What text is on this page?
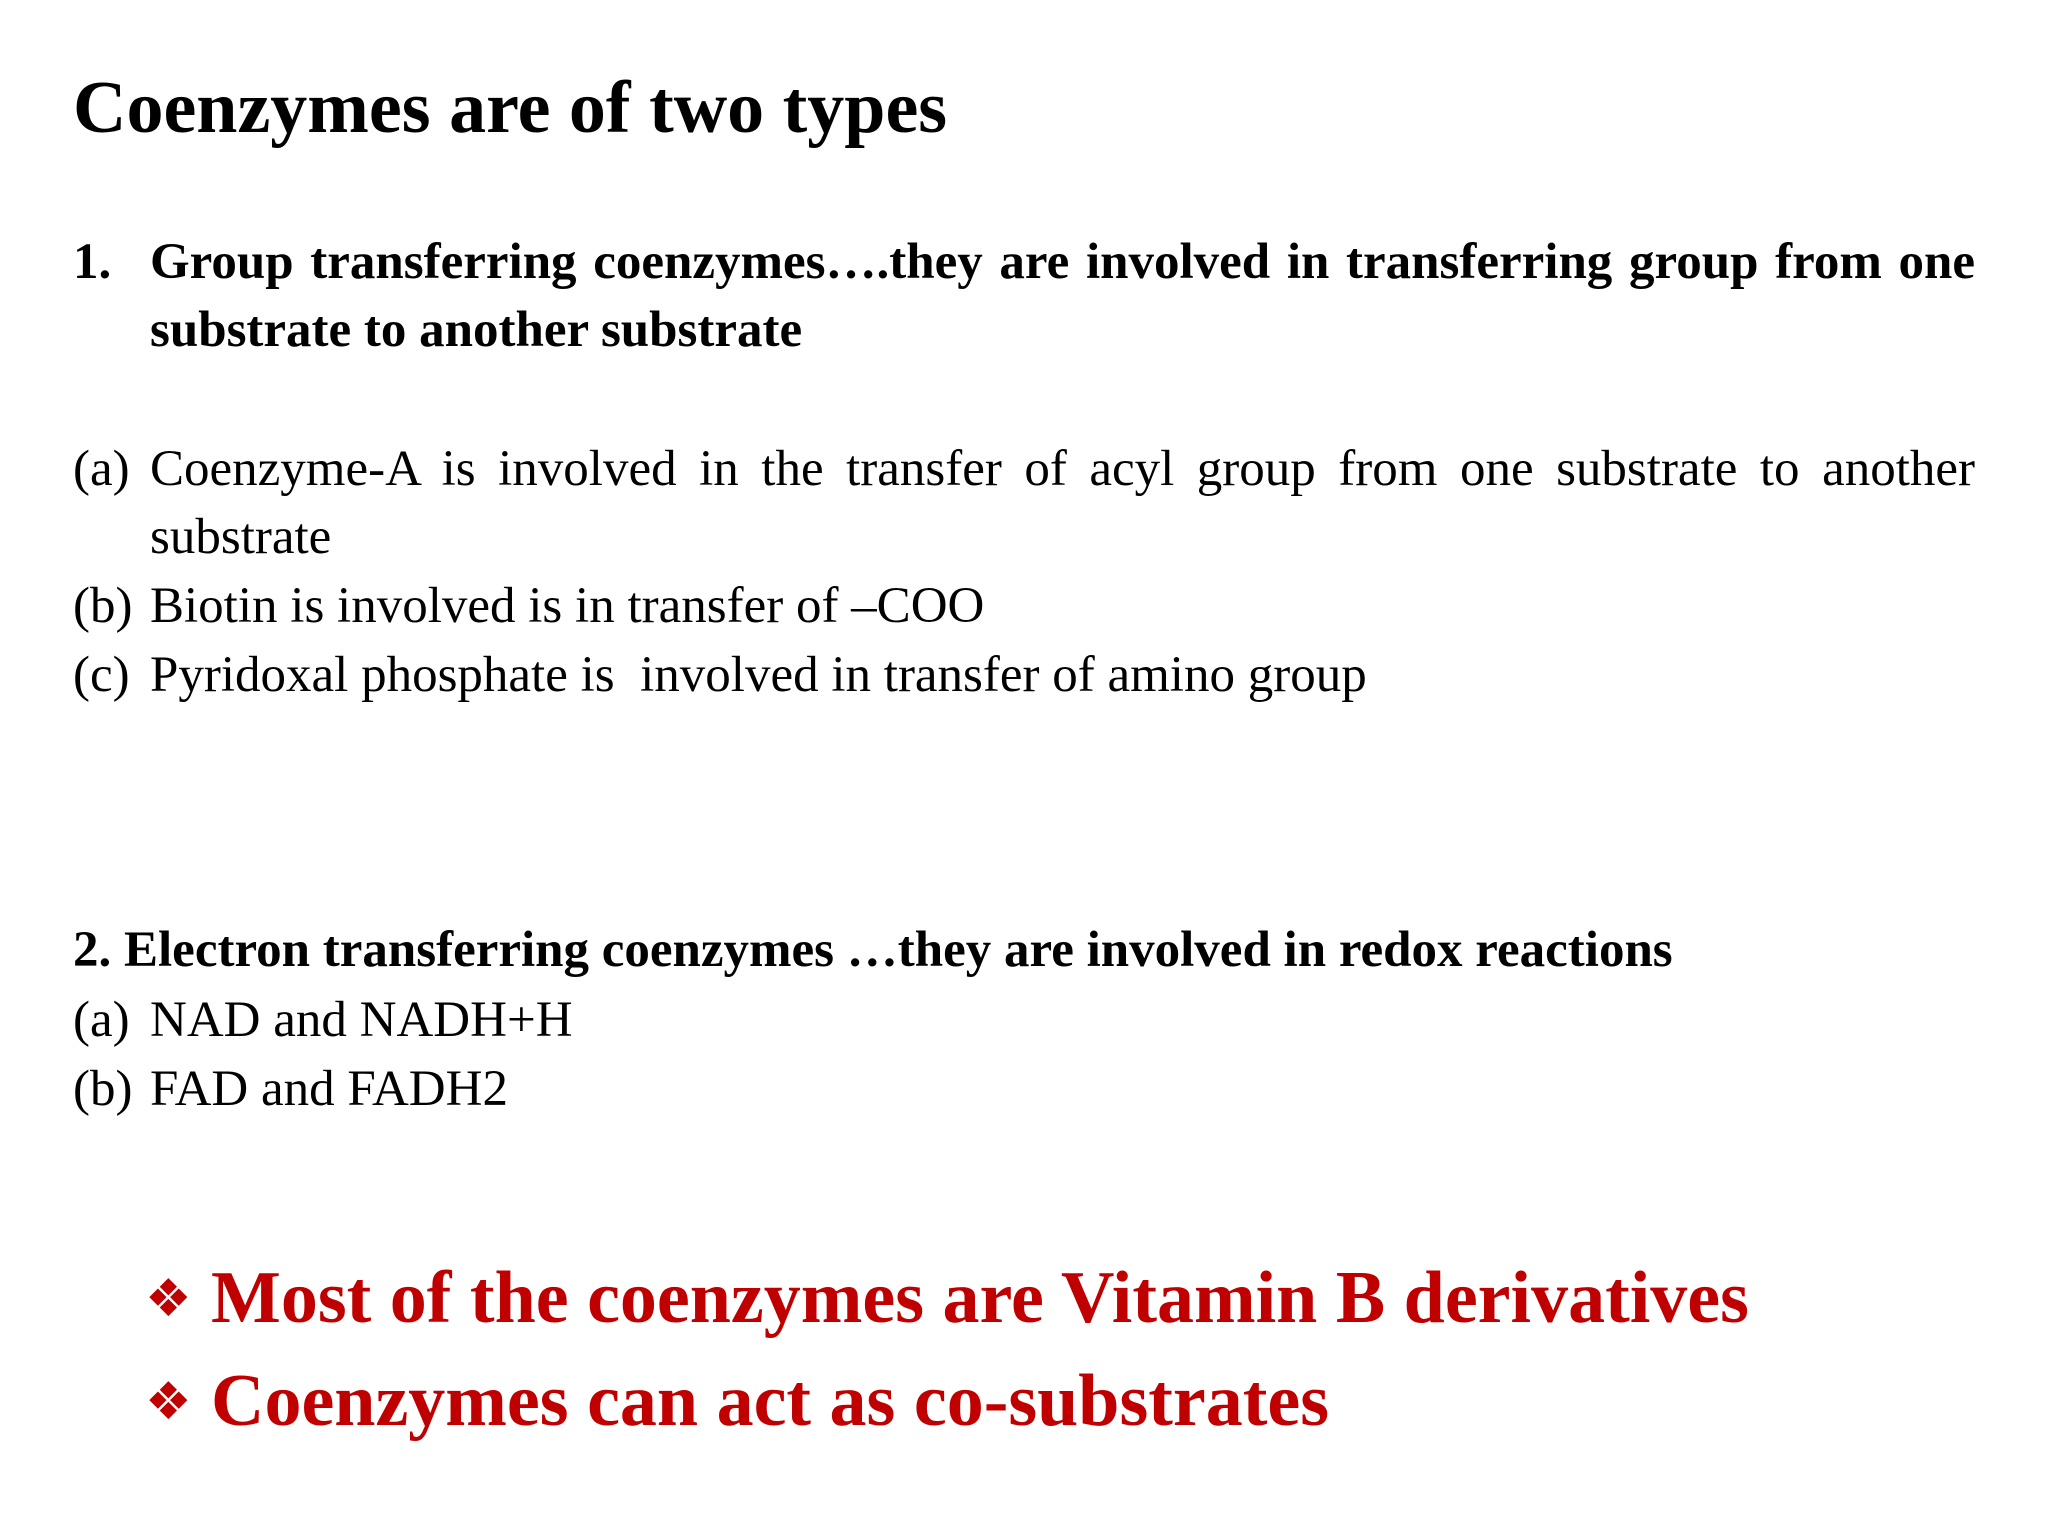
Coenzymes are of two types
1. Group transferring coenzymes….they are involved in transferring group from one substrate to another substrate
(a) Coenzyme-A is involved in the transfer of acyl group from one substrate to another substrate
(b) Biotin is involved is in transfer of –COO
(c) Pyridoxal phosphate is  involved in transfer of amino group
2. Electron transferring coenzymes …they are involved in redox reactions
(a) NAD and NADH+H
(b) FAD and FADH2
❖ Most of the coenzymes are Vitamin B derivatives
❖ Coenzymes can act as co-substrates
